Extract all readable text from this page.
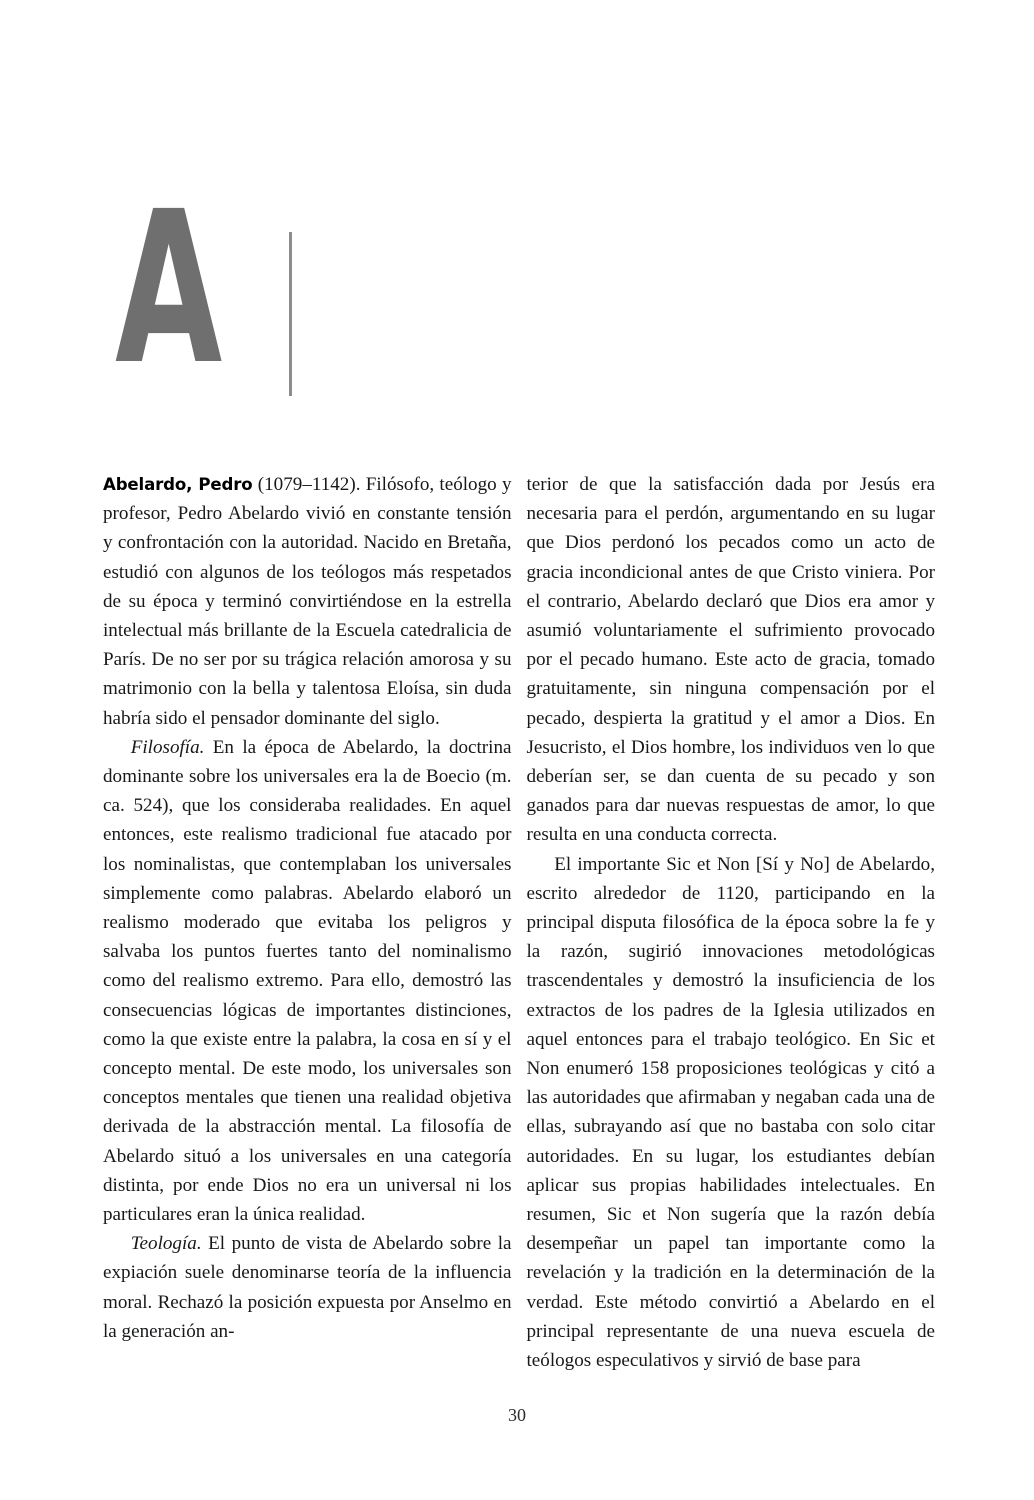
A

Abelardo, Pedro (1079–1142). Filósofo, teólogo y profesor, Pedro Abelardo vivió en constante tensión y confrontación con la autoridad. Nacido en Bretaña, estudió con algunos de los teólogos más respetados de su época y terminó convirtiéndose en la estrella intelectual más brillante de la Escuela catedralicia de París. De no ser por su trágica relación amorosa y su matrimonio con la bella y talentosa Eloísa, sin duda habría sido el pensador dominante del siglo.

Filosofía. En la época de Abelardo, la doctrina dominante sobre los universales era la de Boecio (m. ca. 524), que los consideraba realidades. En aquel entonces, este realismo tradicional fue atacado por los nominalistas, que contemplaban los universales simplemente como palabras. Abelardo elaboró un realismo moderado que evitaba los peligros y salvaba los puntos fuertes tanto del nominalismo como del realismo extremo. Para ello, demostró las consecuencias lógicas de importantes distinciones, como la que existe entre la palabra, la cosa en sí y el concepto mental. De este modo, los universales son conceptos mentales que tienen una realidad objetiva derivada de la abstracción mental. La filosofía de Abelardo situó a los universales en una categoría distinta, por ende Dios no era un universal ni los particulares eran la única realidad.

Teología. El punto de vista de Abelardo sobre la expiación suele denominarse teoría de la influencia moral. Rechazó la posición expuesta por Anselmo en la generación an-

terior de que la satisfacción dada por Jesús era necesaria para el perdón, argumentando en su lugar que Dios perdonó los pecados como un acto de gracia incondicional antes de que Cristo viniera. Por el contrario, Abelardo declaró que Dios era amor y asumió voluntariamente el sufrimiento provocado por el pecado humano. Este acto de gracia, tomado gratuitamente, sin ninguna compensación por el pecado, despierta la gratitud y el amor a Dios. En Jesucristo, el Dios hombre, los individuos ven lo que deberían ser, se dan cuenta de su pecado y son ganados para dar nuevas respuestas de amor, lo que resulta en una conducta correcta.

El importante Sic et Non [Sí y No] de Abelardo, escrito alrededor de 1120, participando en la principal disputa filosófica de la época sobre la fe y la razón, sugirió innovaciones metodológicas trascendentales y demostró la insuficiencia de los extractos de los padres de la Iglesia utilizados en aquel entonces para el trabajo teológico. En Sic et Non enumeró 158 proposiciones teológicas y citó a las autoridades que afirmaban y negaban cada una de ellas, subrayando así que no bastaba con solo citar autoridades. En su lugar, los estudiantes debían aplicar sus propias habilidades intelectuales. En resumen, Sic et Non sugería que la razón debía desempeñar un papel tan importante como la revelación y la tradición en la determinación de la verdad. Este método convirtió a Abelardo en el principal representante de una nueva escuela de teólogos especulativos y sirvió de base para

30
